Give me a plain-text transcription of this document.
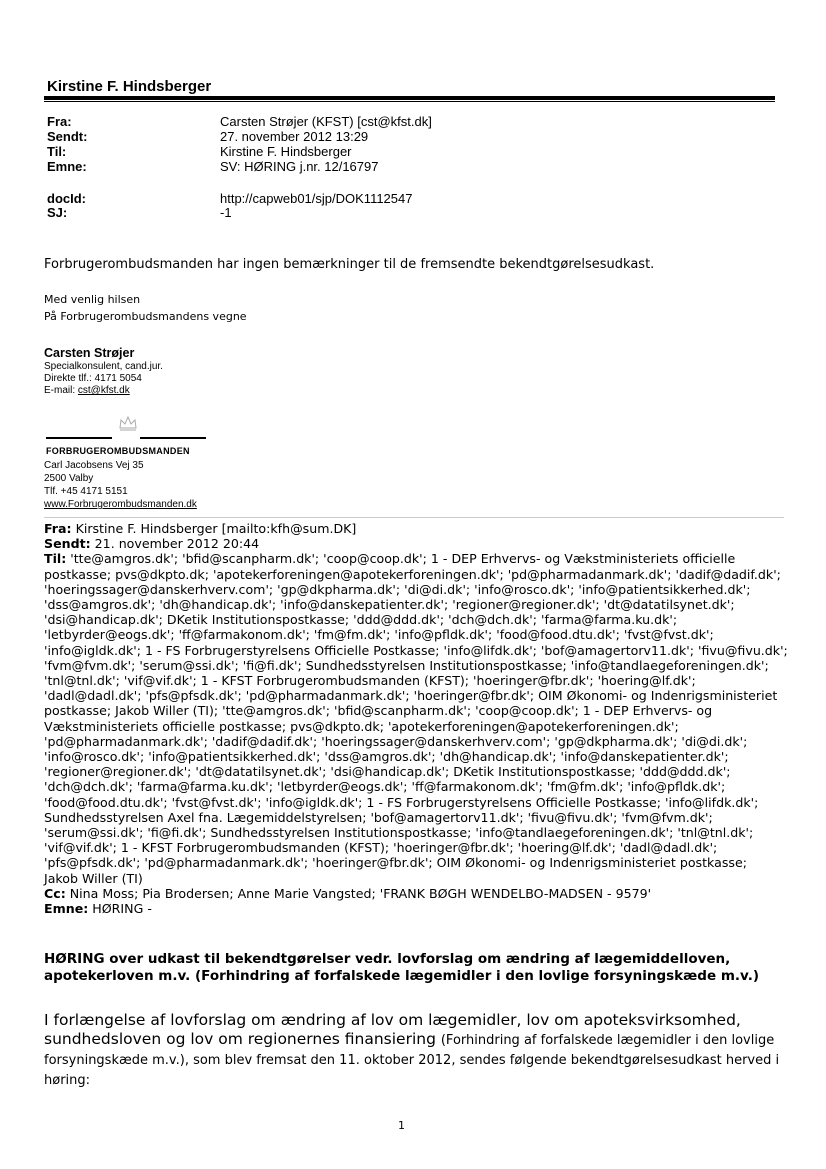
Kirstine F. Hindsberger
Fra:	Carsten Strøjer (KFST) [cst@kfst.dk]
Sendt:	27. november 2012 13:29
Til:	Kirstine F. Hindsberger
Emne:	SV: HØRING j.nr. 12/16797
docId:	http://capweb01/sjp/DOK1112547
SJ:	-1
Forbrugerombudsmanden har ingen bemærkninger til de fremsendte bekendtgørelsesudkast.
Med venlig hilsen
På Forbrugerombudsmandens vegne
Carsten Strøjer
Specialkonsulent, cand.jur.
Direkte tlf.: 4171 5054
E-mail: cst@kfst.dk
FORBRUGEROMBUDSMANDEN
Carl Jacobsens Vej 35
2500 Valby
Tlf. +45 4171 5151
www.Forbrugerombudsmanden.dk
Fra: Kirstine F. Hindsberger [mailto:kfh@sum.DK]
Sendt: 21. november 2012 20:44
Til: 'tte@amgros.dk'; 'bfid@scanpharm.dk'; 'coop@coop.dk'; 1 - DEP Erhvervs- og Vækstministeriets officielle
postkasse; pvs@dkpto.dk; 'apotekerforeningen@apotekerforeningen.dk'; 'pd@pharmadanmark.dk'; 'dadif@dadif.dk';
'hoeringssager@danskerhverv.com'; 'gp@dkpharma.dk'; 'di@di.dk'; 'info@rosco.dk'; 'info@patientsikkerhed.dk';
'dss@amgros.dk'; 'dh@handicap.dk'; 'info@danskepatienter.dk'; 'regioner@regioner.dk'; 'dt@datatilsynet.dk';
'dsi@handicap.dk'; DKetik Institutionspostkasse; 'ddd@ddd.dk'; 'dch@dch.dk'; 'farma@farma.ku.dk';
'letbyrder@eogs.dk'; 'ff@farmakonom.dk'; 'fm@fm.dk'; 'info@pfldk.dk'; 'food@food.dtu.dk'; 'fvst@fvst.dk';
'info@igldk.dk'; 1 - FS Forbrugerstyrelsens Officielle Postkasse; 'info@lifdk.dk'; 'bof@amagertorv11.dk'; 'fivu@fivu.dk';
'fvm@fvm.dk'; 'serum@ssi.dk'; 'fi@fi.dk'; Sundhedsstyrelsen Institutionspostkasse; 'info@tandlaegeforeningen.dk';
'tnl@tnl.dk'; 'vif@vif.dk'; 1 - KFST Forbrugerombudsmanden (KFST); 'hoeringer@fbr.dk'; 'hoering@lf.dk';
'dadl@dadl.dk'; 'pfs@pfsdk.dk'; 'pd@pharmadanmark.dk'; 'hoeringer@fbr.dk'; OIM Økonomi- og Indenrigsministeriet
postkasse; Jakob Willer (TI); 'tte@amgros.dk'; 'bfid@scanpharm.dk'; 'coop@coop.dk'; 1 - DEP Erhvervs- og
Vækstministeriets officielle postkasse; pvs@dkpto.dk; 'apotekerforeningen@apotekerforeningen.dk';
'pd@pharmadanmark.dk'; 'dadif@dadif.dk'; 'hoeringssager@danskerhverv.com'; 'gp@dkpharma.dk'; 'di@di.dk';
'info@rosco.dk'; 'info@patientsikkerhed.dk'; 'dss@amgros.dk'; 'dh@handicap.dk'; 'info@danskepatienter.dk';
'regioner@regioner.dk'; 'dt@datatilsynet.dk'; 'dsi@handicap.dk'; DKetik Institutionspostkasse; 'ddd@ddd.dk';
'dch@dch.dk'; 'farma@farma.ku.dk'; 'letbyrder@eogs.dk'; 'ff@farmakonom.dk'; 'fm@fm.dk'; 'info@pfldk.dk';
'food@food.dtu.dk'; 'fvst@fvst.dk'; 'info@igldk.dk'; 1 - FS Forbrugerstyrelsens Officielle Postkasse; 'info@lifdk.dk';
Sundhedsstyrelsen Axel fna. Lægemiddelstyrelsen; 'bof@amagertorv11.dk'; 'fivu@fivu.dk'; 'fvm@fvm.dk';
'serum@ssi.dk'; 'fi@fi.dk'; Sundhedsstyrelsen Institutionspostkasse; 'info@tandlaegeforeningen.dk'; 'tnl@tnl.dk';
'vif@vif.dk'; 1 - KFST Forbrugerombudsmanden (KFST); 'hoeringer@fbr.dk'; 'hoering@lf.dk'; 'dadl@dadl.dk';
'pfs@pfsdk.dk'; 'pd@pharmadanmark.dk'; 'hoeringer@fbr.dk'; OIM Økonomi- og Indenrigsministeriet postkasse;
Jakob Willer (TI)
Cc: Nina Moss; Pia Brodersen; Anne Marie Vangsted; 'FRANK BØGH WENDELBO-MADSEN - 9579'
Emne: HØRING -
HØRING over udkast til bekendtgørelser vedr. lovforslag om ændring af lægemiddelloven, apotekerloven m.v. (Forhindring af forfalskede lægemidler i den lovlige forsyningskæde m.v.)
I forlængelse af lovforslag om ændring af lov om lægemidler, lov om apoteksvirksomhed, sundhedsloven og lov om regionernes finansiering (Forhindring af forfalskede lægemidler i den lovlige forsyningskæde m.v.), som blev fremsat den 11. oktober 2012, sendes følgende bekendtgørelsesudkast herved i høring:
1
